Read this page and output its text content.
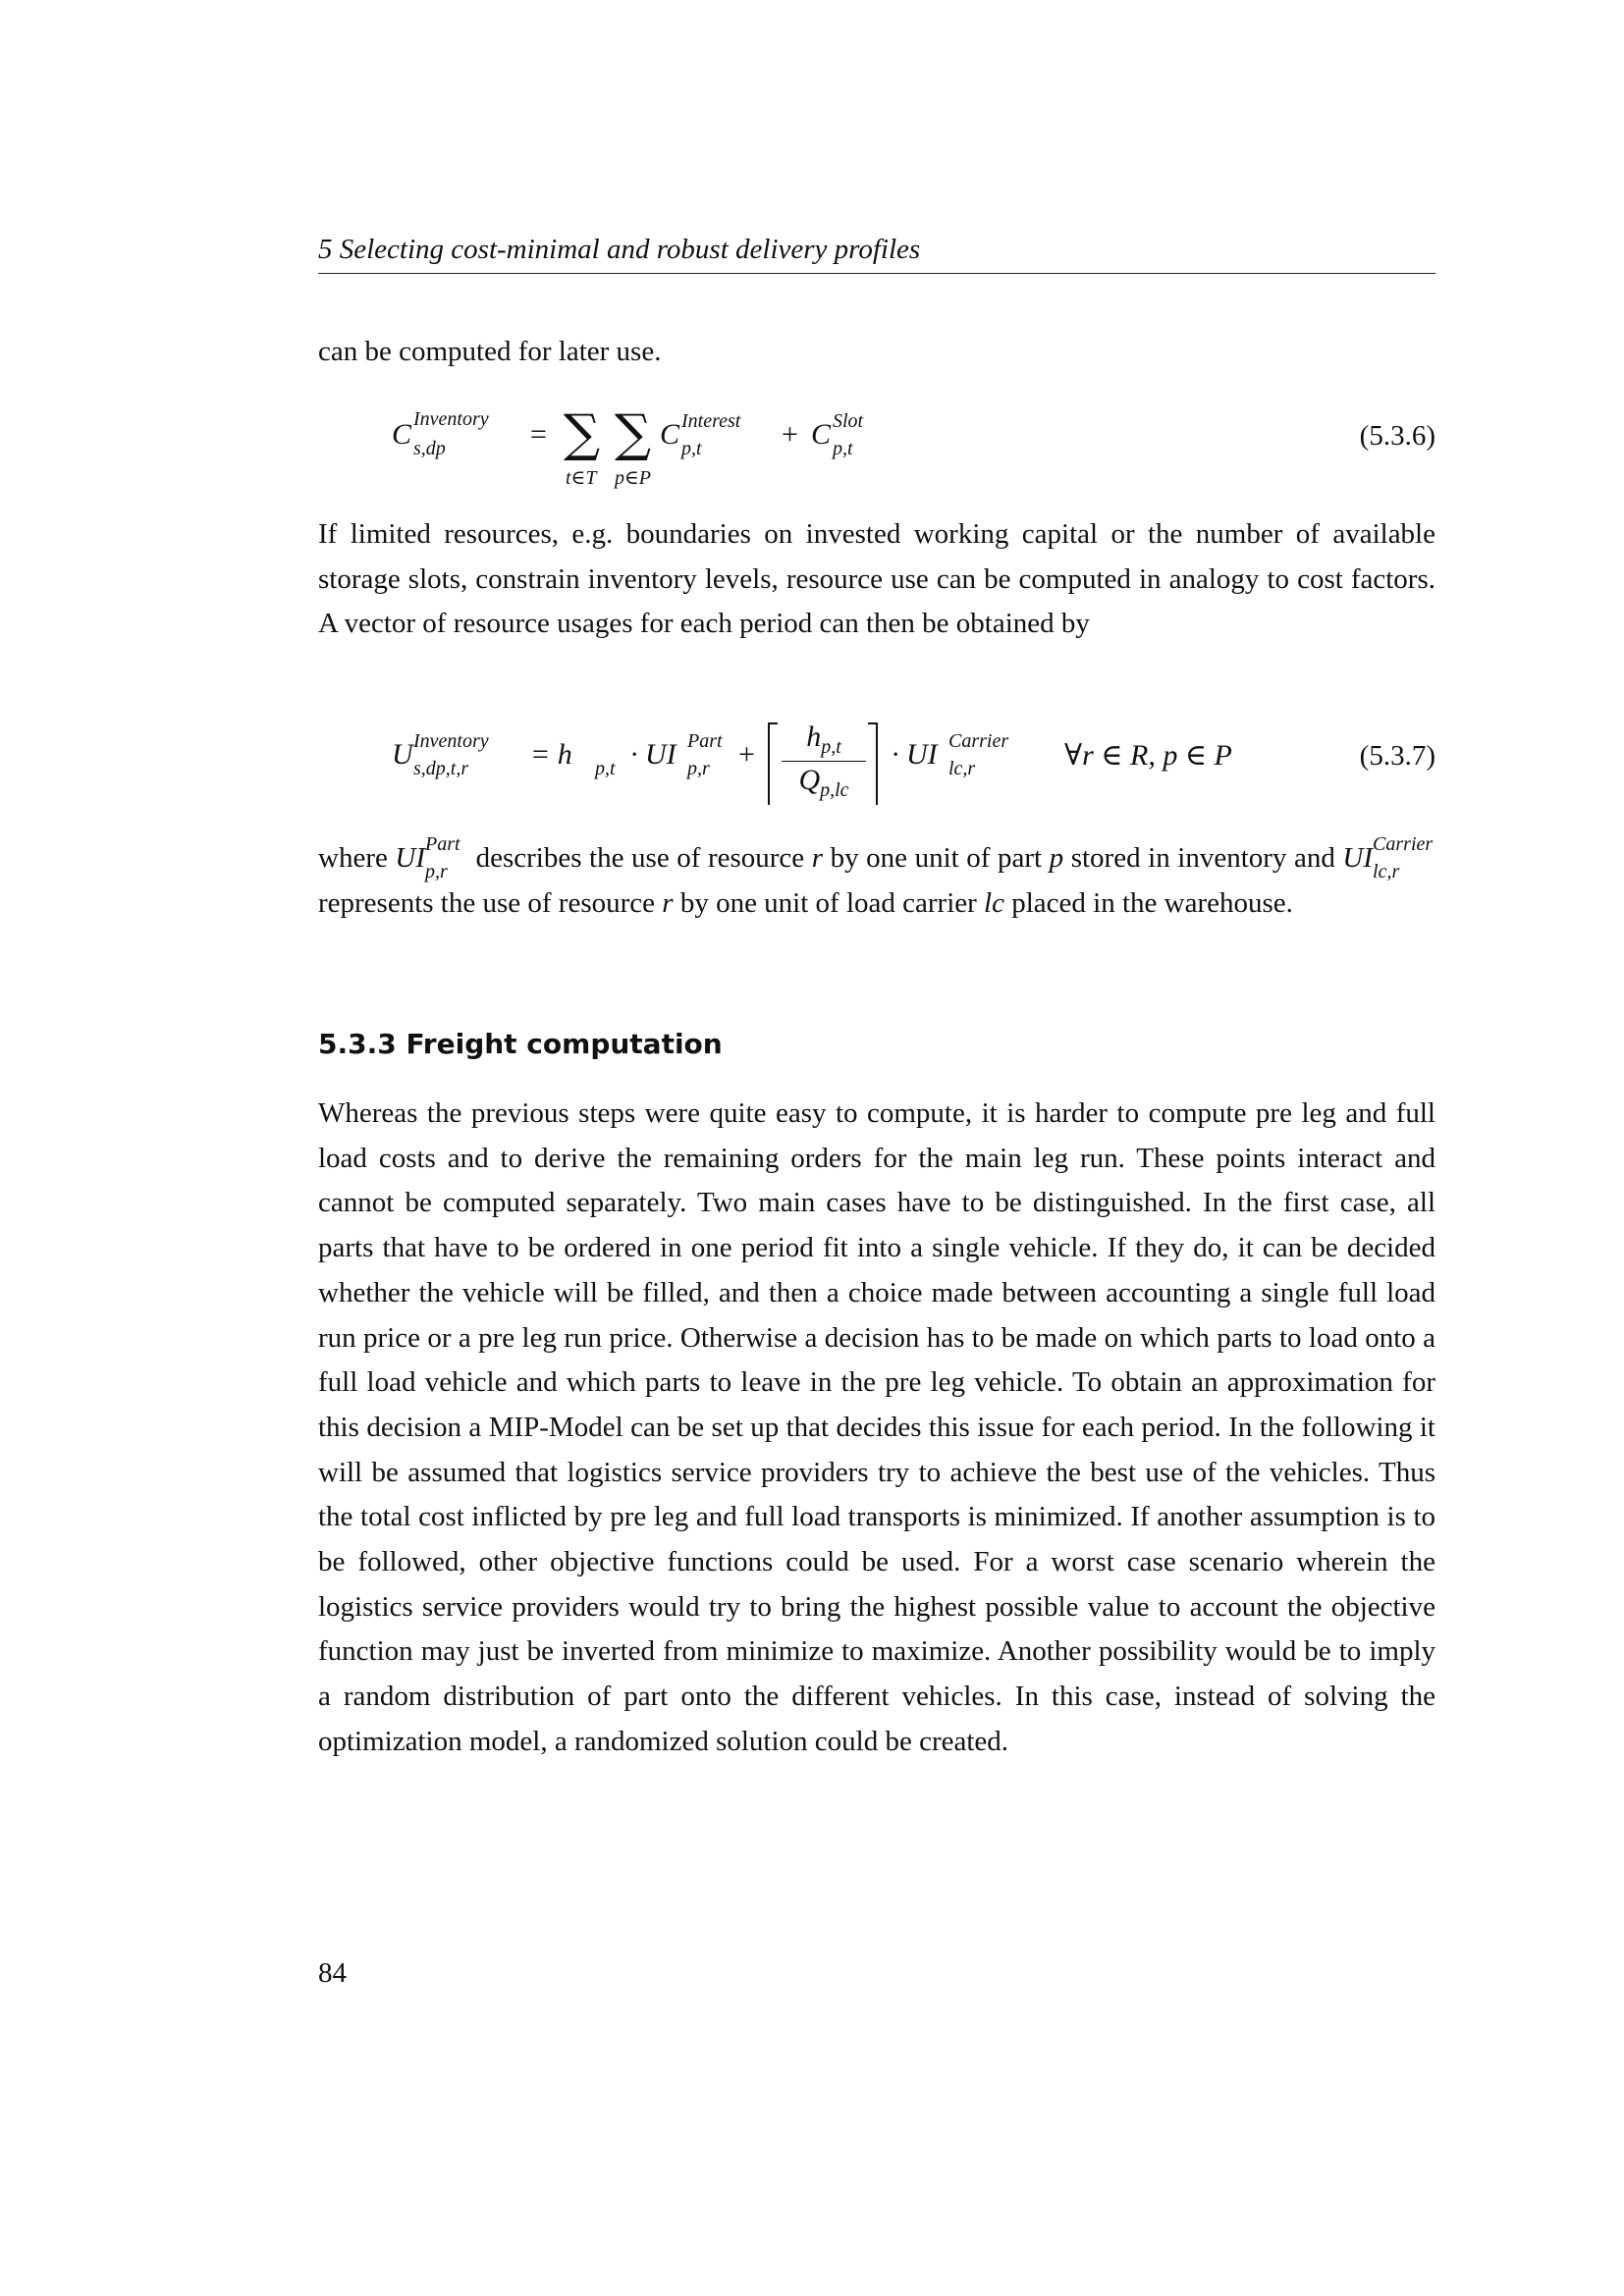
5 Selecting cost-minimal and robust delivery profiles
can be computed for later use.
C Inventory
s,dp	= ∑
t∈T
∑
p∈P
C Interest
p,t	+ C Slot
p,t	(5.3.6)
If limited resources, e.g. boundaries on invested working capital or the number of available storage slots, constrain inventory levels, resource use can be computed in analogy to cost factors. A vector of resource usages for each period can then be obtained by
U Inventory
s,dp,t,r = h p,t · UI Part
p,r +
$h_{p,t}$
$Q_{p,lc}$
· UI Carrier
lc,r	∀r ∈ R, p ∈ P	(5.3.7)
where UI Part
p,r describes the use of resource r by one unit of part p stored in inventory and UI Carrier
lc,r
represents the use of resource r by one unit of load carrier lc placed in the warehouse.
5.3.3 Freight computation
Whereas the previous steps were quite easy to compute, it is harder to compute pre leg and full load costs and to derive the remaining orders for the main leg run. These points interact and cannot be computed separately. Two main cases have to be distinguished. In the first case, all parts that have to be ordered in one period fit into a single vehicle. If they do, it can be decided whether the vehicle will be filled, and then a choice made between accounting a single full load run price or a pre leg run price. Otherwise a decision has to be made on which parts to load onto a full load vehicle and which parts to leave in the pre leg vehicle. To obtain an approximation for this decision a MIP-Model can be set up that decides this issue for each period. In the following it will be assumed that logistics service providers try to achieve the best use of the vehicles. Thus the total cost inflicted by pre leg and full load transports is minimized. If another assumption is to be followed, other objective functions could be used. For a worst case scenario wherein the logistics service providers would try to bring the highest possible value to account the objective function may just be inverted from minimize to maximize. Another possibility would be to imply a random distribution of part onto the different vehicles. In this case, instead of solving the optimization model, a randomized solution could be created.
84
